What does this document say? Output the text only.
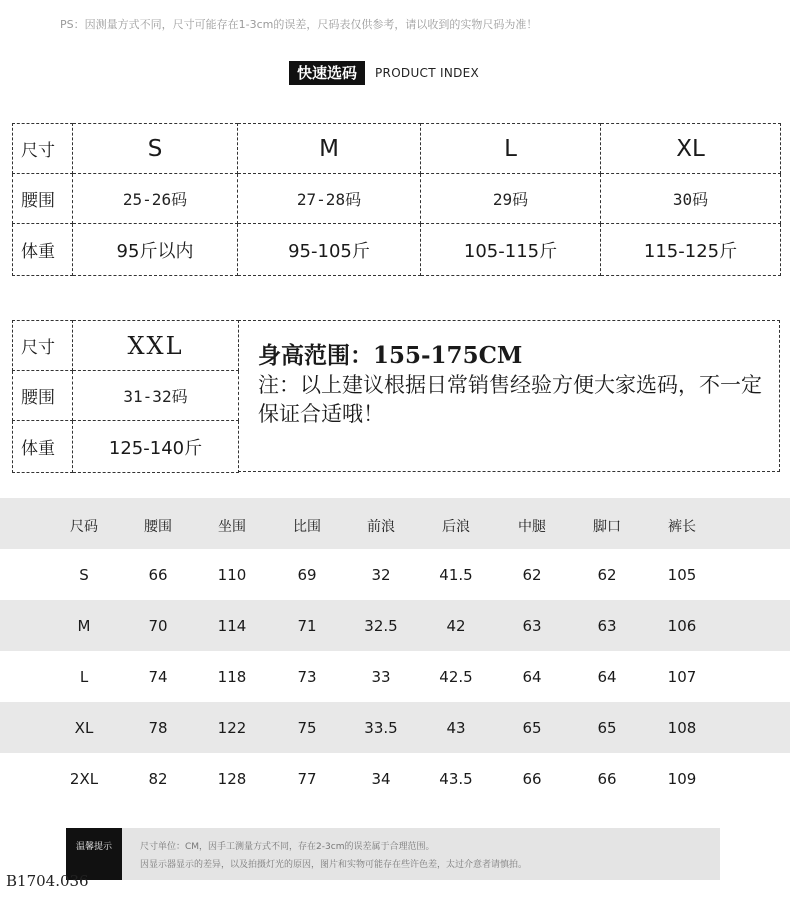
PS：因测量方式不同，尺寸可能存在1-3cm的误差，尺码表仅供参考，请以收到的实物尺码为准！
快速选码	PRODUCT INDEX
尺寸	S	M	L	XL
腰围	25-26码	27-28码	29码	30码
体重	95斤以内	95-105斤	105-115斤	115-125斤
尺寸	XXL
腰围	31-32码
体重	125-140斤
身高范围：155-175CM
注：以上建议根据日常销售经验方便大家选码，不一定保证合适哦！
尺码	腰围	坐围	比围	前浪	后浪	中腿	脚口	裤长
S	66	110	69	32	41.5	62	62	105
M	70	114	71	32.5	42	63	63	106
L	74	118	73	33	42.5	64	64	107
XL	78	122	75	33.5	43	65	65	108
2XL	82	128	77	34	43.5	66	66	109
温馨提示	尺寸单位：CM，因手工测量方式不同，存在2-3cm的误差属于合理范围。
因显示器显示的差异，以及拍摄灯光的原因，图片和实物可能存在些许色差，太过介意者请慎拍。
B1704.036
